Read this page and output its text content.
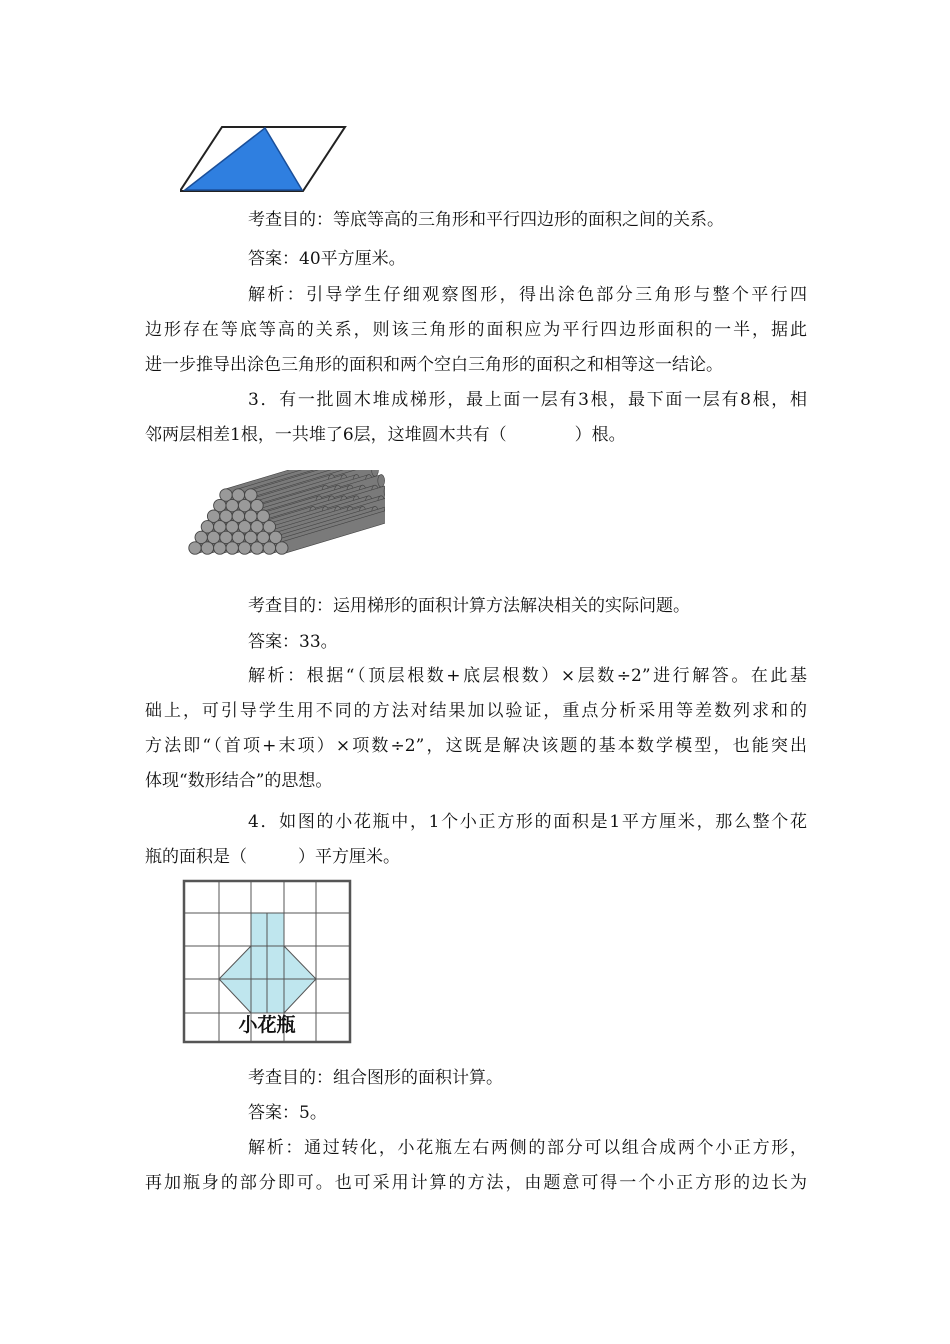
考查目的：等底等高的三角形和平行四边形的面积之间的关系。
答案：40平方厘米。
解析：引导学生仔细观察图形，得出涂色部分三角形与整个平行四
边形存在等底等高的关系，则该三角形的面积应为平行四边形面积的一半，据此
进一步推导出涂色三角形的面积和两个空白三角形的面积之和相等这一结论。
3．有一批圆木堆成梯形，最上面一层有3根，最下面一层有8根，相
邻两层相差1根，一共堆了6层，这堆圆木共有（　　　　）根。
考查目的：运用梯形的面积计算方法解决相关的实际问题。
答案：33。
解析：根据“（顶层根数+底层根数）×层数÷2”进行解答。在此基
础上，可引导学生用不同的方法对结果加以验证，重点分析采用等差数列求和的
方法即“（首项+末项）×项数÷2”，这既是解决该题的基本数学模型，也能突出
体现“数形结合”的思想。
4．如图的小花瓶中，1个小正方形的面积是1平方厘米，那么整个花
瓶的面积是（　　　）平方厘米。
小花瓶
考查目的：组合图形的面积计算。
答案：5。
解析：通过转化，小花瓶左右两侧的部分可以组合成两个小正方形，
再加瓶身的部分即可。也可采用计算的方法，由题意可得一个小正方形的边长为
